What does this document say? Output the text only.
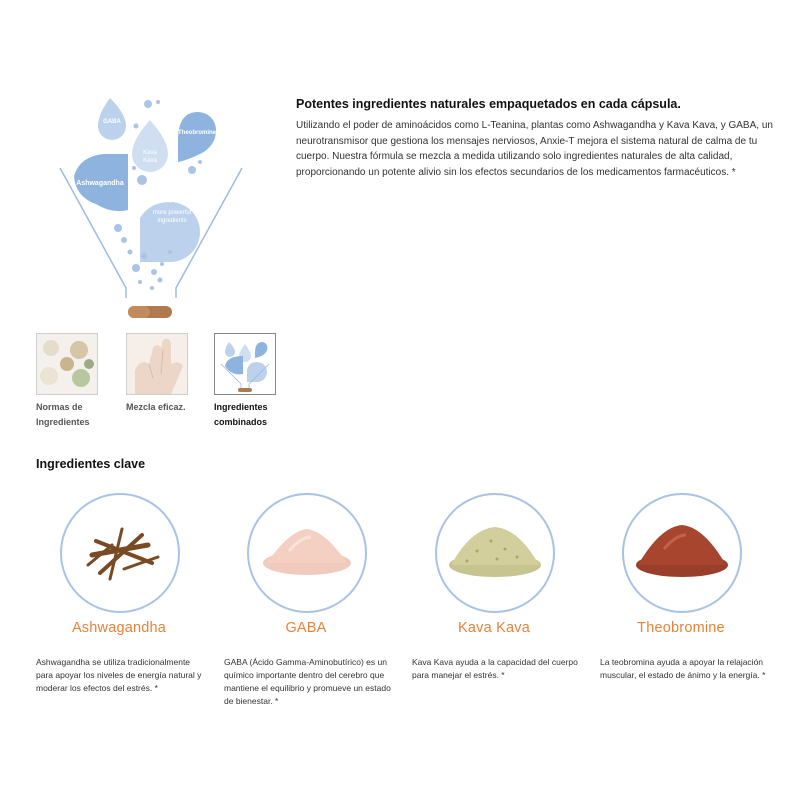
GABA
Kava
Kava
Theobromine
Ashwagandha
+
more powerful
ingredients
Potentes ingredientes naturales empaquetados en cada cápsula.

Utilizando el poder de aminoácidos como L-Teanina, plantas como Ashwagandha y Kava Kava, y GABA, un neurotransmisor que gestiona los mensajes nerviosos, Anxie-T mejora el sistema natural de calma de tu cuerpo. Nuestra fórmula se mezcla a medida utilizando solo ingredientes naturales de alta calidad, proporcionando un potente alivio sin los efectos secundarios de los medicamentos farmacéuticos. *

Normas de
Ingredientes
Mezcla eficaz.	Ingredientes
combinados
Ingredientes clave
Ashwagandha	GABA	Kava Kava	Theobromine
Ashwagandha se utiliza tradicionalmente para apoyar los niveles de energía natural y moderar los efectos del estrés. *
GABA (Ácido Gamma-Aminobutírico) es un químico importante dentro del cerebro que mantiene el equilibrio y promueve un estado de bienestar. *
Kava Kava ayuda a la capacidad del cuerpo para manejar el estrés. *
La teobromina ayuda a apoyar la relajación muscular, el estado de ánimo y la energía. *
